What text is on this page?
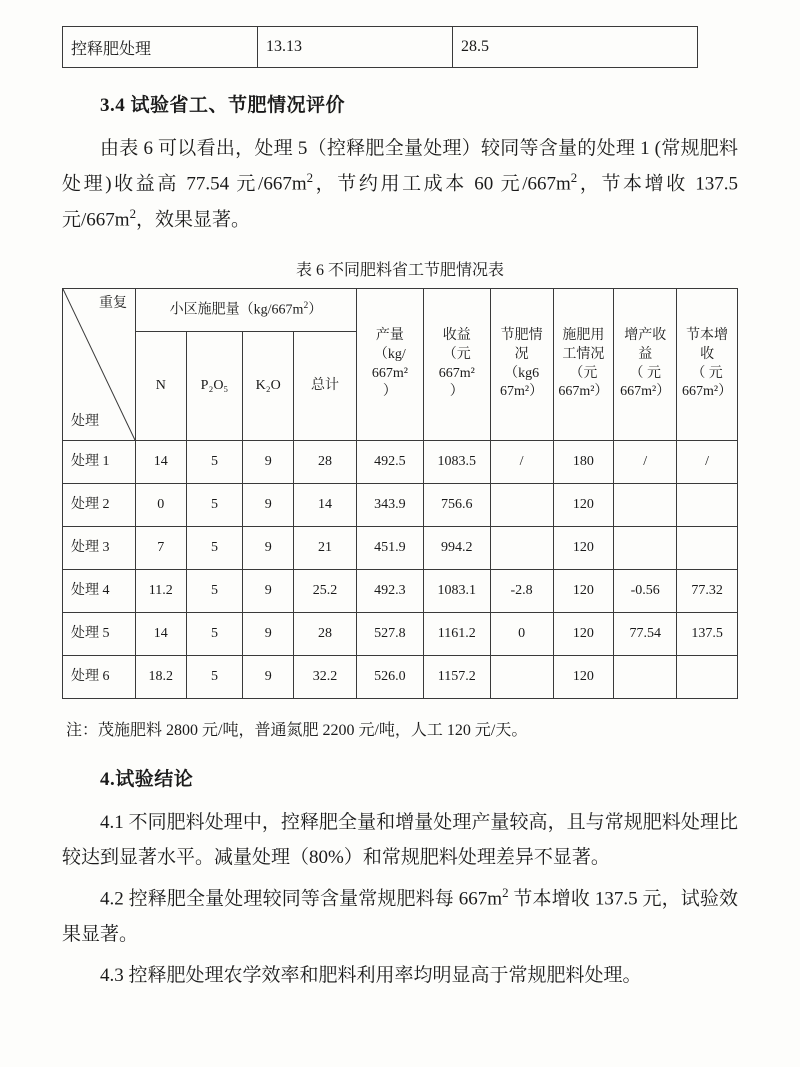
控释肥处理	13.13	28.5
3.4 试验省工、节肥情况评价

由表 6 可以看出，处理 5（控释肥全量处理）较同等含量的处理 1 (常规肥料处理)收益高 77.54 元$/667m^2$，节约用工成本 60 元$/667m^2$，节本增收 137.5 元$/667m^2$，效果显著。

表 6 不同肥料省工节肥情况表
重复
处理	小区施肥量$(kg/667m^2)$				产量
（kg/
667m²
）	收益
（元
667m²
）	节肥情
况
（kg6
67m²）	施肥用
工情况
（元
667m²）	增产收
益
（ 元
667m²）	节本增
收
（ 元
667m²）

	N	P₂O₅	K₂O	总计						
处理 1	14	5	9	28	492.5	1083.5	/	180	/	/
处理 2	0	5	9	14	343.9	756.6		120		
处理 3	7	5	9	21	451.9	994.2		120		
处理 4	11.2	5	9	25.2	492.3	1083.1	-2.8	120	-0.56	77.32
处理 5	14	5	9	28	527.8	1161.2	0	120	77.54	137.5
处理 6	18.2	5	9	32.2	526.0	1157.2		120		

注：茂施肥料 2800 元/吨，普通氮肥 2200 元/吨，人工 120 元/天。

4.试验结论

4.1 不同肥料处理中，控释肥全量和增量处理产量较高，且与常规肥料处理比较达到显著水平。减量处理（80%）和常规肥料处理差异不显著。

4.2 控释肥全量处理较同等含量常规肥料每 $667m^2$ 节本增收 137.5 元，试验效果显著。

4.3 控释肥处理农学效率和肥料利用率均明显高于常规肥料处理。
